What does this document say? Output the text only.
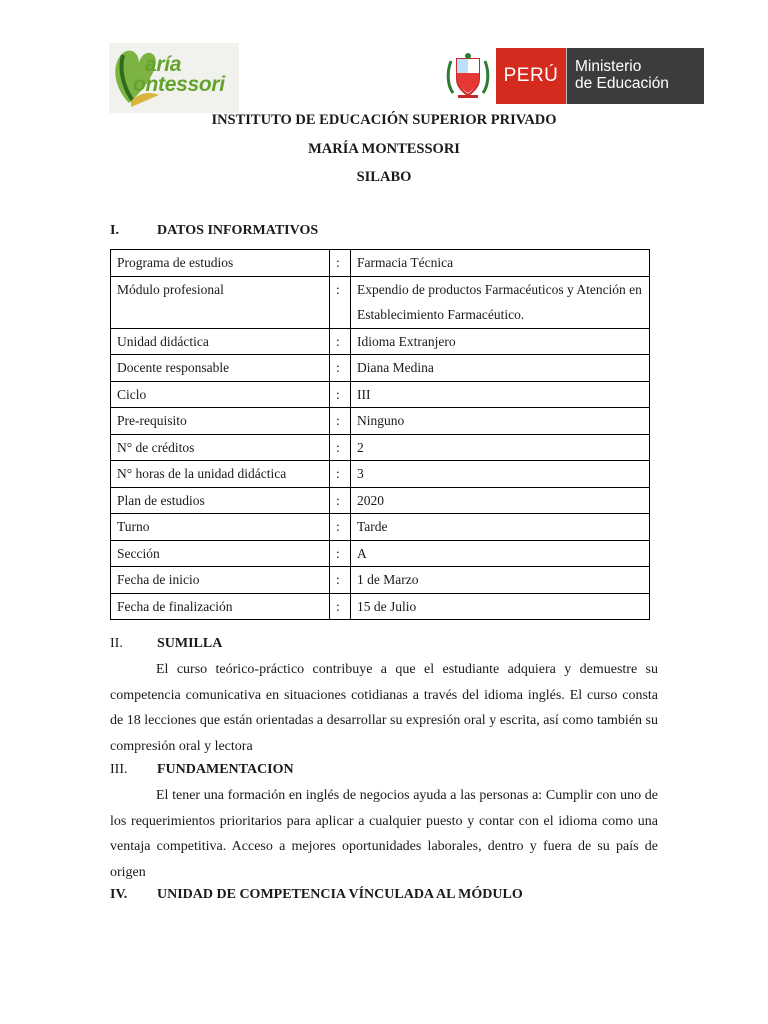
aría
ontessori	PERÚ	Ministerio
de Educación
INSTITUTO DE EDUCACIÓN SUPERIOR PRIVADO
MARÍA MONTESSORI
SILABO
I.	DATOS INFORMATIVOS
Programa de estudios	:	Farmacia Técnica
Módulo profesional	:	Expendio de productos Farmacéuticos y Atención en Establecimiento Farmacéutico.
Unidad didáctica	:	Idioma Extranjero
Docente responsable	:	Diana Medina
Ciclo	:	III
Pre-requisito	:	Ninguno
N° de créditos	:	2
N° horas de la unidad didáctica	:	3
Plan de estudios	:	2020
Turno	:	Tarde
Sección	:	A
Fecha de inicio	:	1 de Marzo
Fecha de finalización	:	15 de Julio
II. SUMILLA
El curso teórico-práctico contribuye a que el estudiante adquiera y demuestre su competencia comunicativa en situaciones cotidianas a través del idioma inglés. El curso consta de 18 lecciones que están orientadas a desarrollar su expresión oral y escrita, así como también su compresión oral y lectora
III. FUNDAMENTACION
El tener una formación en inglés de negocios ayuda a las personas a: Cumplir con uno de los requerimientos prioritarios para aplicar a cualquier puesto y contar con el idioma como una ventaja competitiva. Acceso a mejores oportunidades laborales, dentro y fuera de su país de origen
IV. UNIDAD DE COMPETENCIA VÍNCULADA AL MÓDULO
